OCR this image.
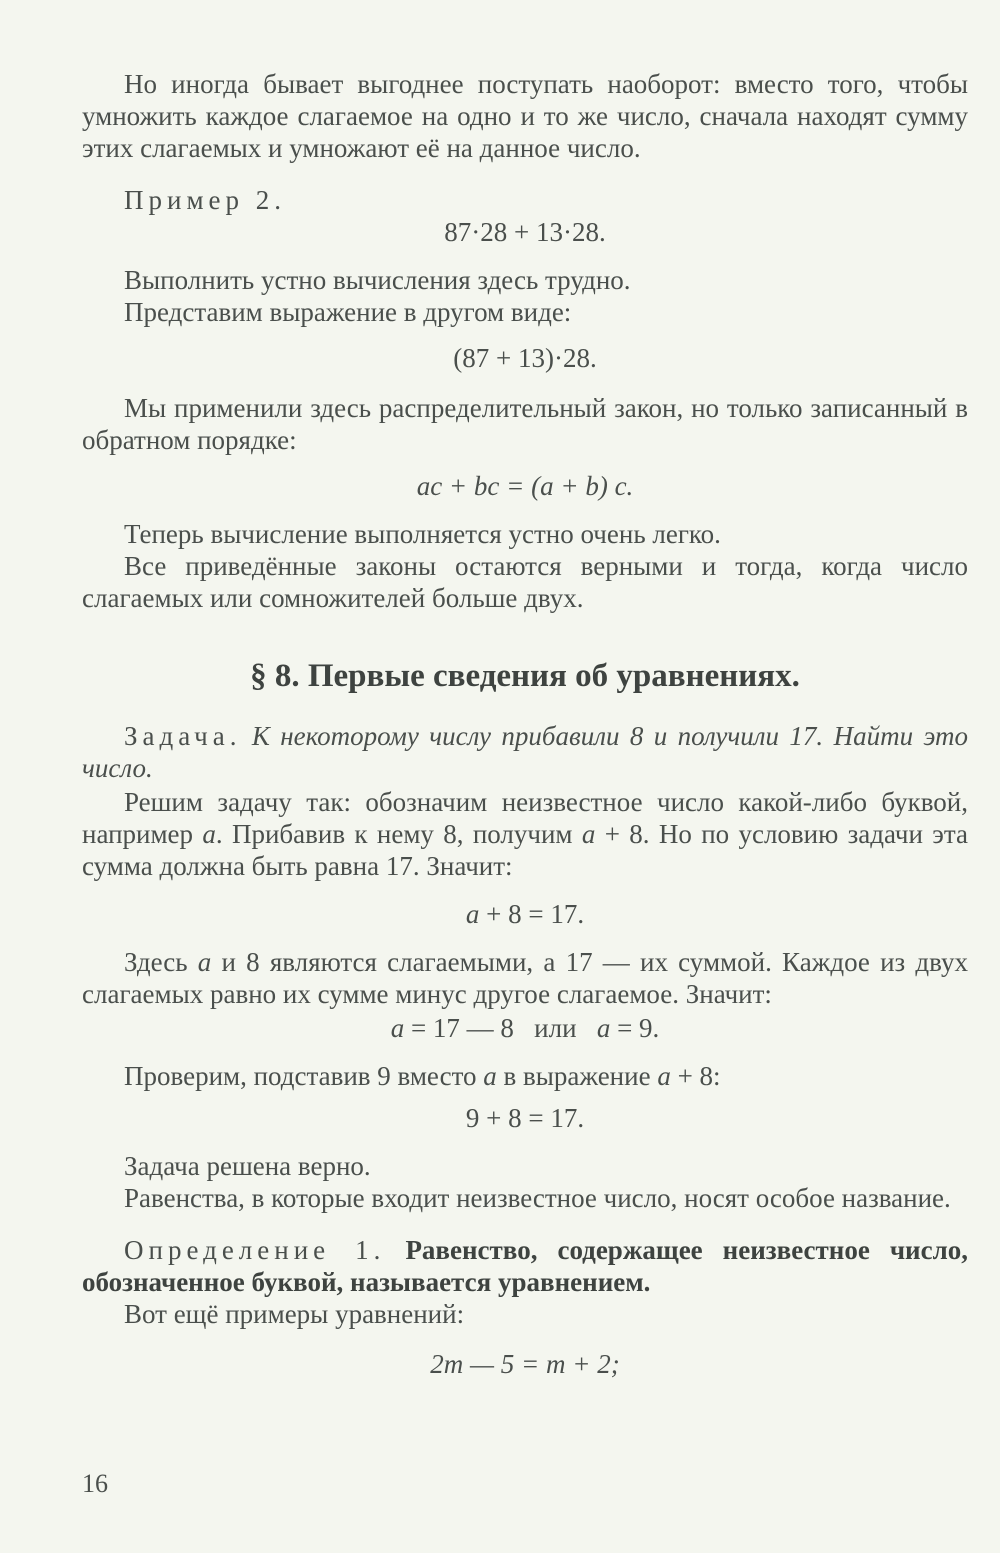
Но иногда бывает выгоднее поступать наоборот: вместо того, чтобы умножить каждое слагаемое на одно и то же число, сначала находят сумму этих слагаемых и умножают её на данное число.

Пример 2.

87·28 + 13·28.

Выполнить устно вычисления здесь трудно.

Представим выражение в другом виде:

(87 + 13)·28.

Мы применили здесь распределительный закон, но только записанный в обратном порядке:

ac + bc = (a + b) c.

Теперь вычисление выполняется устно очень легко.

Все приведённые законы остаются верными и тогда, когда число слагаемых или сомножителей больше двух.

§ 8. Первые сведения об уравнениях.

Задача. К некоторому числу прибавили 8 и получили 17. Найти это число.

Решим задачу так: обозначим неизвестное число какой-либо буквой, например a. Прибавив к нему 8, получим a + 8. Но по условию задачи эта сумма должна быть равна 17. Значит:

a + 8 = 17.

Здесь a и 8 являются слагаемыми, а 17 — их суммой. Каждое из двух слагаемых равно их сумме минус другое слагаемое. Значит:

a = 17 — 8   или   a = 9.

Проверим, подставив 9 вместо a в выражение a + 8:

9 + 8 = 17.

Задача решена верно.

Равенства, в которые входит неизвестное число, носят особое название.

Определение 1. Равенство, содержащее неизвестное число, обозначенное буквой, называется уравнением.

Вот ещё примеры уравнений:

2m — 5 = m + 2;

16
